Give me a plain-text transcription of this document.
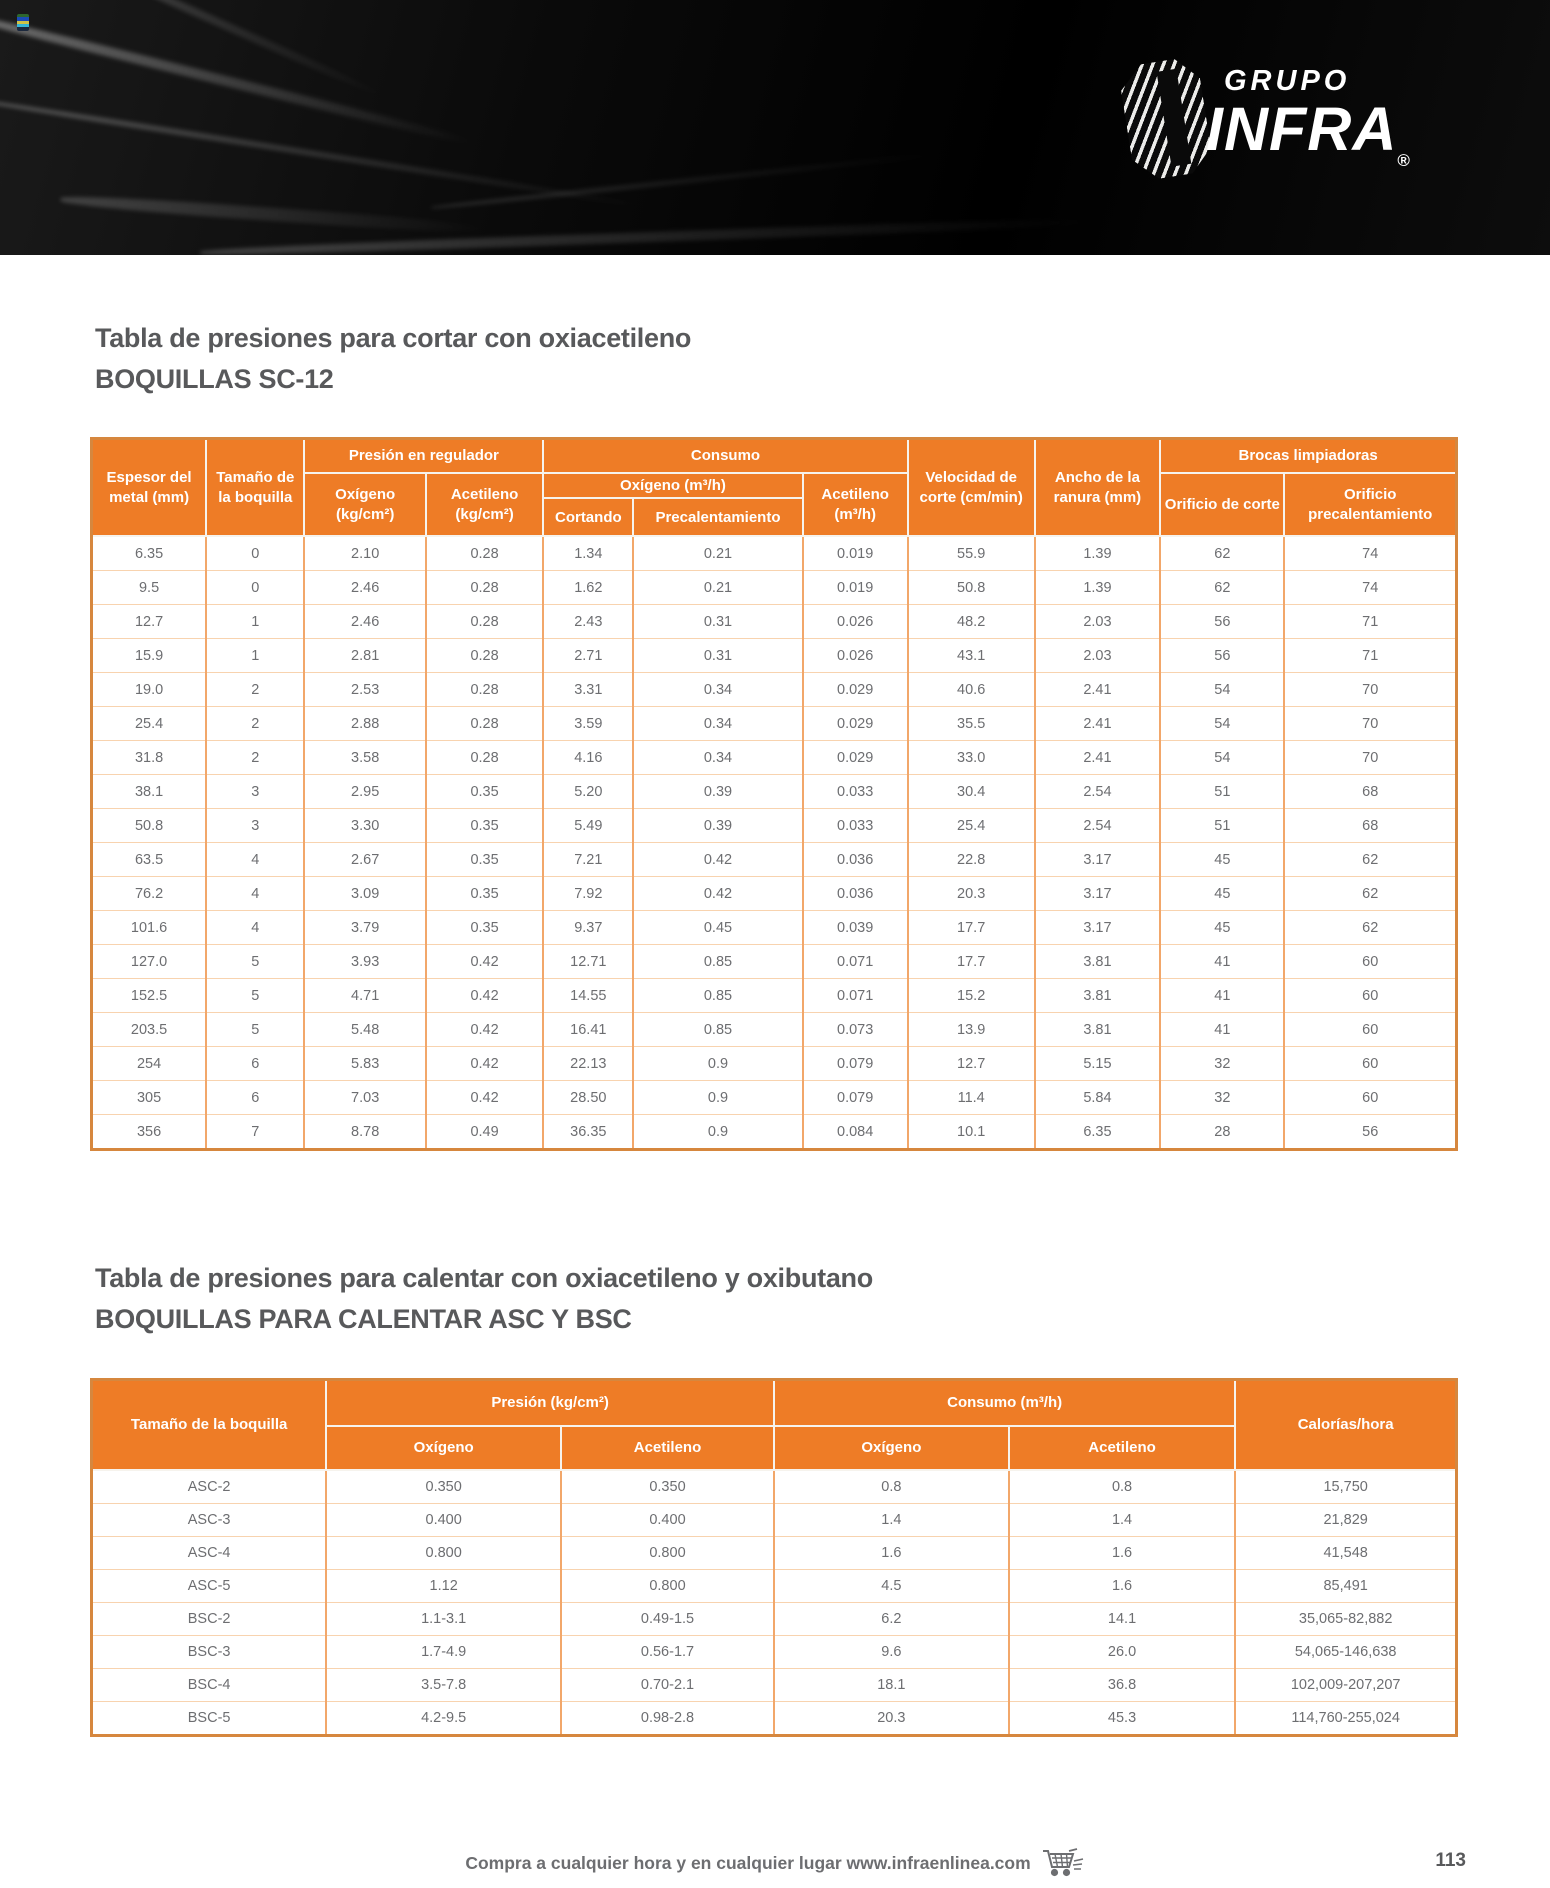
GRUPO
INFRA®
Tabla de presiones para cortar con oxiacetileno
BOQUILLAS SC-12
Espesor del metal (mm)	Tamaño de la boquilla	Presión en regulador		Consumo			Velocidad de corte (cm/min)	Ancho de la ranura (mm)	Brocas limpiadoras	
		Oxígeno (kg/cm²)	Acetileno (kg/cm²)	Oxígeno (m³/h)		Acetileno (m³/h)			Orificio de corte	Orificio precalentamiento
				Cortando	Precalentamiento					
6.35	0	2.10	0.28	1.34	0.21	0.019	55.9	1.39	62	74
9.5	0	2.46	0.28	1.62	0.21	0.019	50.8	1.39	62	74
12.7	1	2.46	0.28	2.43	0.31	0.026	48.2	2.03	56	71
15.9	1	2.81	0.28	2.71	0.31	0.026	43.1	2.03	56	71
19.0	2	2.53	0.28	3.31	0.34	0.029	40.6	2.41	54	70
25.4	2	2.88	0.28	3.59	0.34	0.029	35.5	2.41	54	70
31.8	2	3.58	0.28	4.16	0.34	0.029	33.0	2.41	54	70
38.1	3	2.95	0.35	5.20	0.39	0.033	30.4	2.54	51	68
50.8	3	3.30	0.35	5.49	0.39	0.033	25.4	2.54	51	68
63.5	4	2.67	0.35	7.21	0.42	0.036	22.8	3.17	45	62
76.2	4	3.09	0.35	7.92	0.42	0.036	20.3	3.17	45	62
101.6	4	3.79	0.35	9.37	0.45	0.039	17.7	3.17	45	62
127.0	5	3.93	0.42	12.71	0.85	0.071	17.7	3.81	41	60
152.5	5	4.71	0.42	14.55	0.85	0.071	15.2	3.81	41	60
203.5	5	5.48	0.42	16.41	0.85	0.073	13.9	3.81	41	60
254	6	5.83	0.42	22.13	0.9	0.079	12.7	5.15	32	60
305	6	7.03	0.42	28.50	0.9	0.079	11.4	5.84	32	60
356	7	8.78	0.49	36.35	0.9	0.084	10.1	6.35	28	56
Tabla de presiones para calentar con oxiacetileno y oxibutano
BOQUILLAS PARA CALENTAR ASC Y BSC
Tamaño de la boquilla	Presión (kg/cm²)		Consumo (m³/h)		Calorías/hora
	Oxígeno	Acetileno	Oxígeno	Acetileno	
ASC-2	0.350	0.350	0.8	0.8	15,750
ASC-3	0.400	0.400	1.4	1.4	21,829
ASC-4	0.800	0.800	1.6	1.6	41,548
ASC-5	1.12	0.800	4.5	1.6	85,491
BSC-2	1.1-3.1	0.49-1.5	6.2	14.1	35,065-82,882
BSC-3	1.7-4.9	0.56-1.7	9.6	26.0	54,065-146,638
BSC-4	3.5-7.8	0.70-2.1	18.1	36.8	102,009-207,207
BSC-5	4.2-9.5	0.98-2.8	20.3	45.3	114,760-255,024
Compra a cualquier hora y en cualquier lugar www.infraenlinea.com	113
